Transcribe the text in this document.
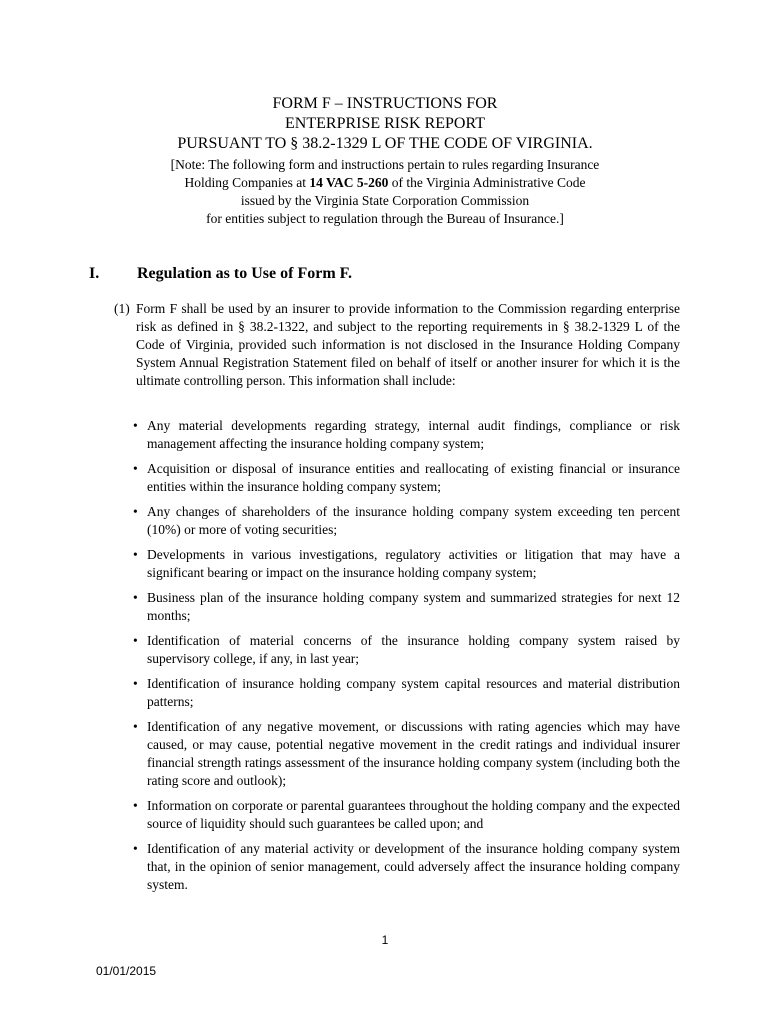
FORM F – INSTRUCTIONS FOR
ENTERPRISE RISK REPORT
PURSUANT TO § 38.2-1329 L OF THE CODE OF VIRGINIA.
[Note: The following form and instructions pertain to rules regarding Insurance
Holding Companies at 14 VAC 5-260 of the Virginia Administrative Code
issued by the Virginia State Corporation Commission
for entities subject to regulation through the Bureau of Insurance.]
I. Regulation as to Use of Form F.
(1) Form F shall be used by an insurer to provide information to the Commission regarding enterprise risk as defined in § 38.2-1322, and subject to the reporting requirements in § 38.2-1329 L of the Code of Virginia, provided such information is not disclosed in the Insurance Holding Company System Annual Registration Statement filed on behalf of itself or another insurer for which it is the ultimate controlling person. This information shall include:
• Any material developments regarding strategy, internal audit findings, compliance or risk management affecting the insurance holding company system;
• Acquisition or disposal of insurance entities and reallocating of existing financial or insurance entities within the insurance holding company system;
• Any changes of shareholders of the insurance holding company system exceeding ten percent (10%) or more of voting securities;
• Developments in various investigations, regulatory activities or litigation that may have a significant bearing or impact on the insurance holding company system;
• Business plan of the insurance holding company system and summarized strategies for next 12 months;
• Identification of material concerns of the insurance holding company system raised by supervisory college, if any, in last year;
• Identification of insurance holding company system capital resources and material distribution patterns;
• Identification of any negative movement, or discussions with rating agencies which may have caused, or may cause, potential negative movement in the credit ratings and individual insurer financial strength ratings assessment of the insurance holding company system (including both the rating score and outlook);
• Information on corporate or parental guarantees throughout the holding company and the expected source of liquidity should such guarantees be called upon; and
• Identification of any material activity or development of the insurance holding company system that, in the opinion of senior management, could adversely affect the insurance holding company system.
1
01/01/2015
